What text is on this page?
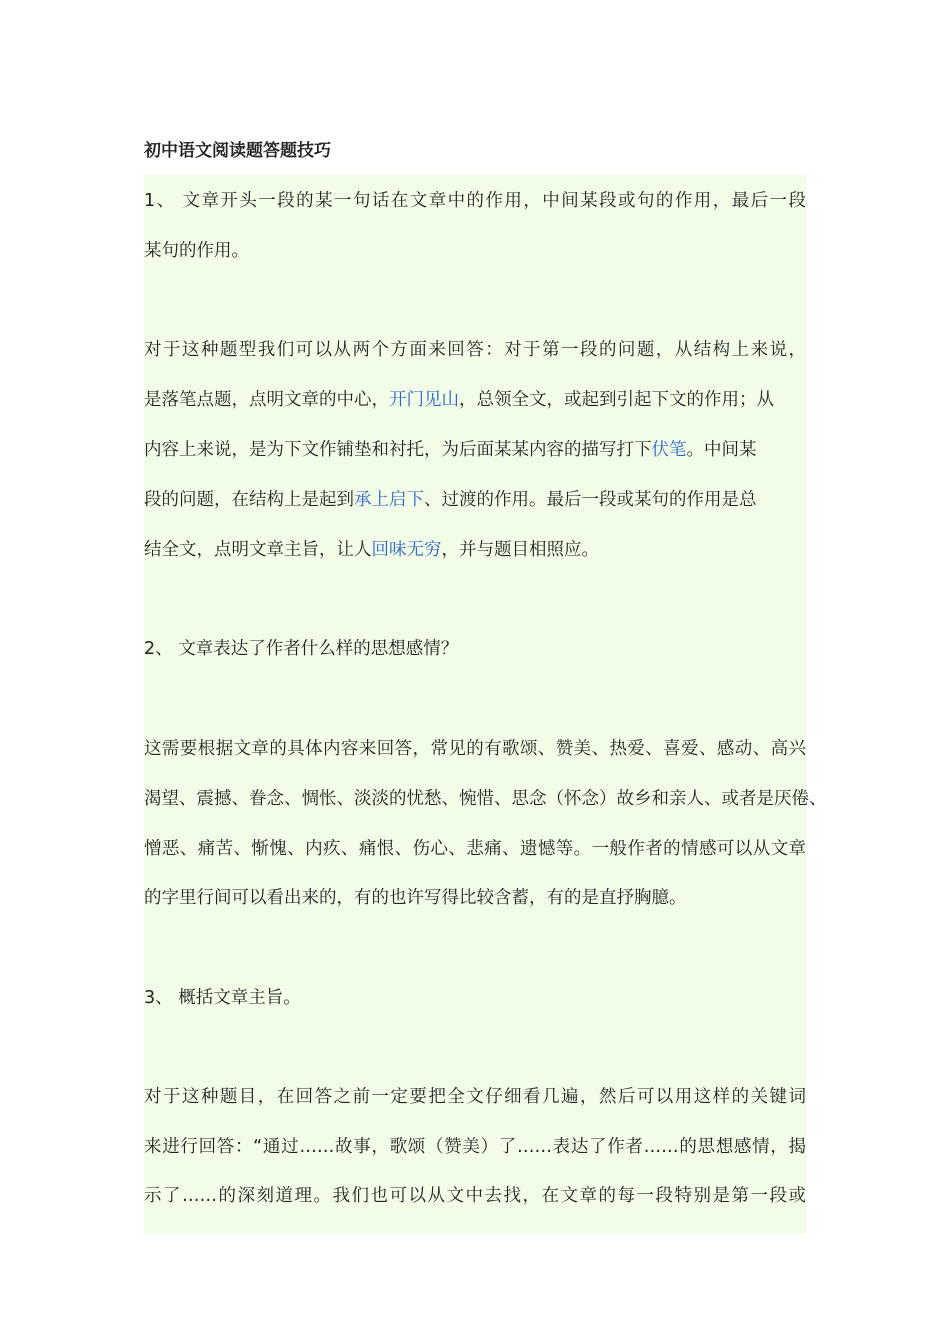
初中语文阅读题答题技巧
1、 文章开头一段的某一句话在文章中的作用，中间某段或句的作用，最后一段
某句的作用。
对于这种题型我们可以从两个方面来回答：对于第一段的问题，从结构上来说，
是落笔点题，点明文章的中心，开门见山，总领全文，或起到引起下文的作用；从
内容上来说，是为下文作铺垫和衬托，为后面某某内容的描写打下伏笔。中间某
段的问题，在结构上是起到承上启下、过渡的作用。最后一段或某句的作用是总
结全文，点明文章主旨，让人回味无穷，并与题目相照应。
2、 文章表达了作者什么样的思想感情？
这需要根据文章的具体内容来回答，常见的有歌颂、赞美、热爱、喜爱、感动、高兴
渴望、震撼、眷念、惆怅、淡淡的忧愁、惋惜、思念（怀念）故乡和亲人、或者是厌倦、
憎恶、痛苦、惭愧、内疚、痛恨、伤心、悲痛、遗憾等。一般作者的情感可以从文章
的字里行间可以看出来的，有的也许写得比较含蓄，有的是直抒胸臆。
3、 概括文章主旨。
对于这种题目，在回答之前一定要把全文仔细看几遍，然后可以用这样的关键词
来进行回答：“通过……故事，歌颂（赞美）了……表达了作者……的思想感情，揭
示了……的深刻道理。我们也可以从文中去找，在文章的每一段特别是第一段或
